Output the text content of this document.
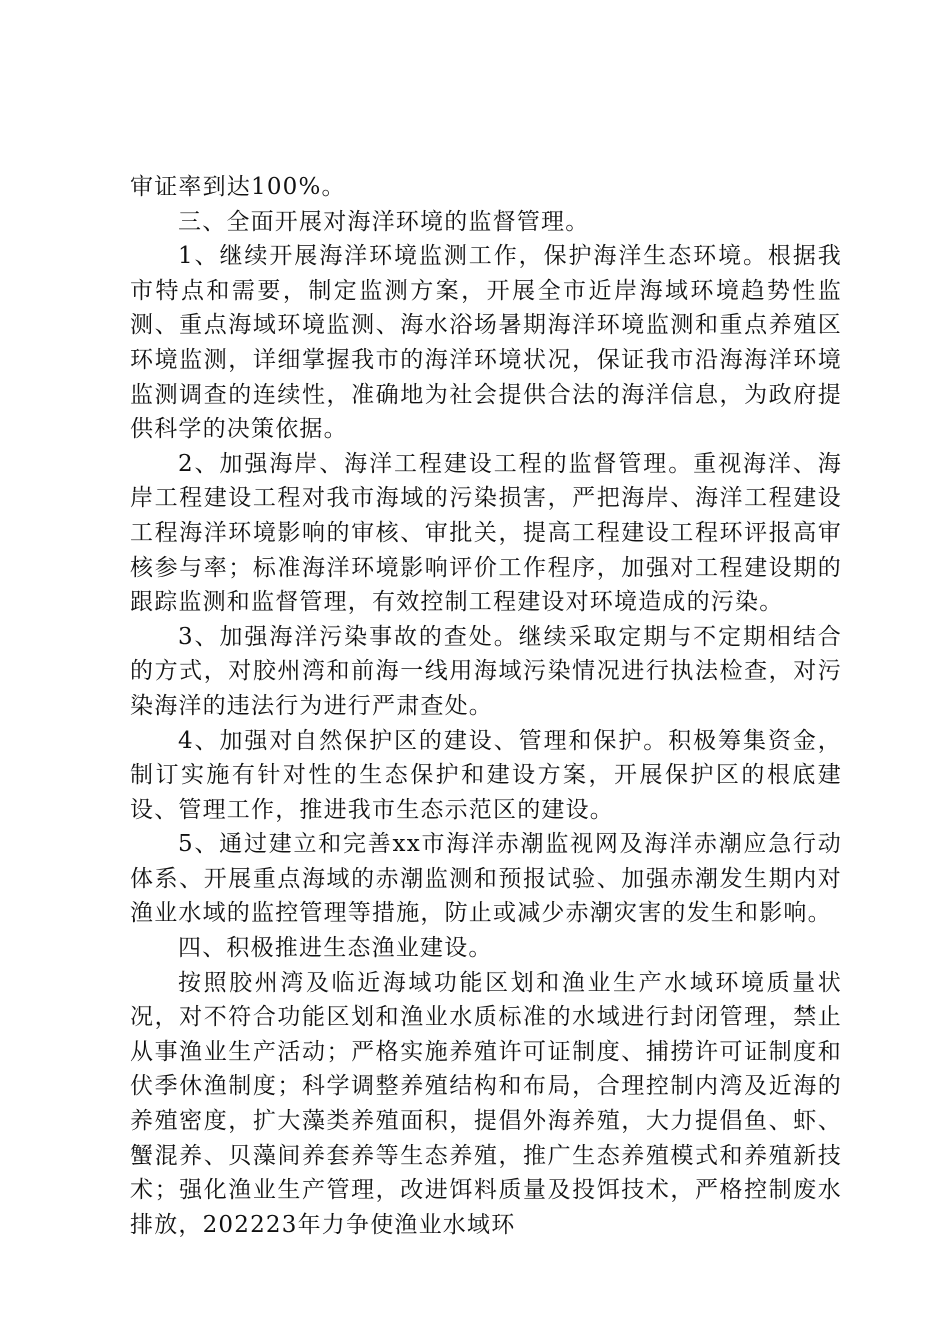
审证率到达100%。

三、全面开展对海洋环境的监督管理。

1、继续开展海洋环境监测工作，保护海洋生态环境。根据我市特点和需要，制定监测方案，开展全市近岸海域环境趋势性监测、重点海域环境监测、海水浴场暑期海洋环境监测和重点养殖区环境监测，详细掌握我市的海洋环境状况，保证我市沿海海洋环境监测调查的连续性，准确地为社会提供合法的海洋信息，为政府提供科学的决策依据。

2、加强海岸、海洋工程建设工程的监督管理。重视海洋、海岸工程建设工程对我市海域的污染损害，严把海岸、海洋工程建设工程海洋环境影响的审核、审批关，提高工程建设工程环评报高审核参与率；标准海洋环境影响评价工作程序，加强对工程建设期的跟踪监测和监督管理，有效控制工程建设对环境造成的污染。

3、加强海洋污染事故的查处。继续采取定期与不定期相结合的方式，对胶州湾和前海一线用海域污染情况进行执法检查，对污染海洋的违法行为进行严肃查处。

4、加强对自然保护区的建设、管理和保护。积极筹集资金，制订实施有针对性的生态保护和建设方案，开展保护区的根底建设、管理工作，推进我市生态示范区的建设。

5、通过建立和完善xx市海洋赤潮监视网及海洋赤潮应急行动体系、开展重点海域的赤潮监测和预报试验、加强赤潮发生期内对渔业水域的监控管理等措施，防止或减少赤潮灾害的发生和影响。

四、积极推进生态渔业建设。

按照胶州湾及临近海域功能区划和渔业生产水域环境质量状况，对不符合功能区划和渔业水质标准的水域进行封闭管理，禁止从事渔业生产活动；严格实施养殖许可证制度、捕捞许可证制度和伏季休渔制度；科学调整养殖结构和布局，合理控制内湾及近海的养殖密度，扩大藻类养殖面积，提倡外海养殖，大力提倡鱼、虾、蟹混养、贝藻间养套养等生态养殖，推广生态养殖模式和养殖新技术；强化渔业生产管理，改进饵料质量及投饵技术，严格控制废水排放，202223年力争使渔业水域环
